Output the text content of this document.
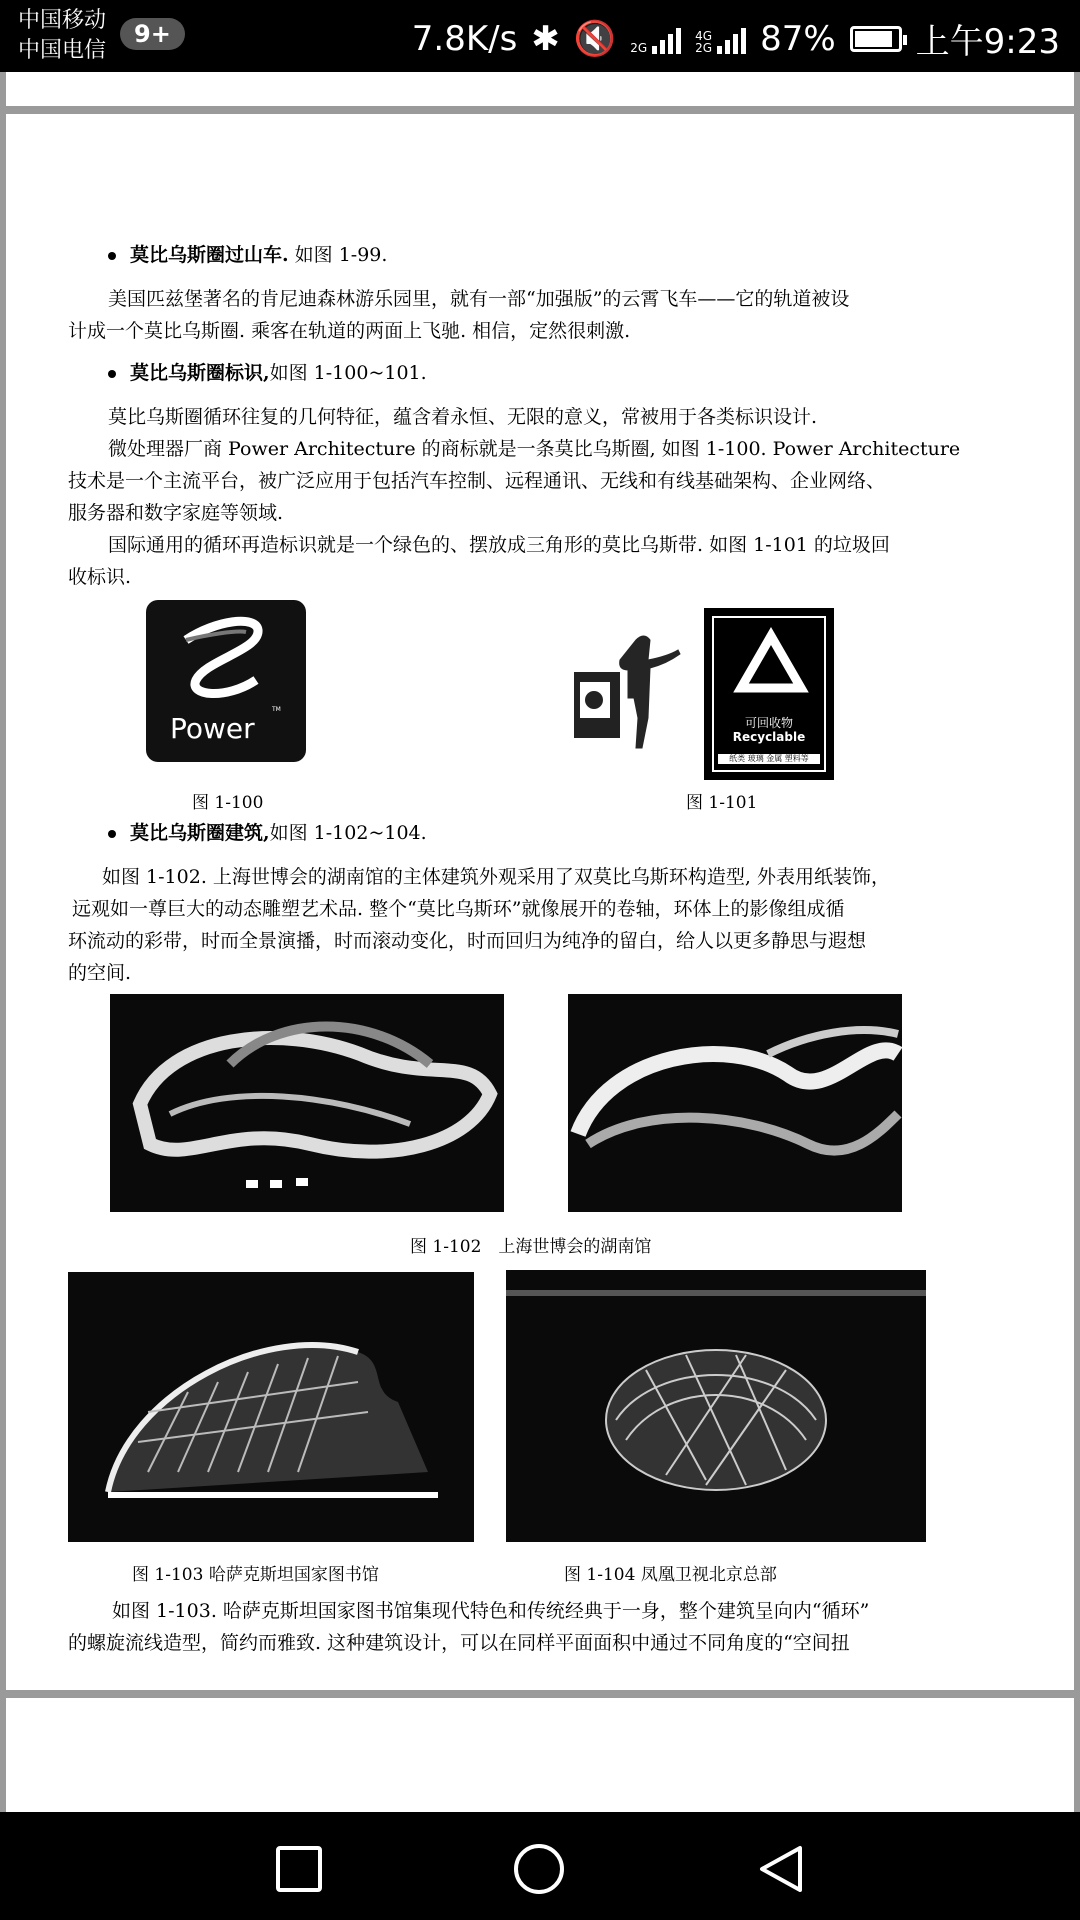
中国移动
中国电信
9+	7.8K/s ✱ 🔇 2G
4G
2G 87% 上午9:23
莫比乌斯圈过山车. 如图 1-99.
美国匹兹堡著名的肯尼迪森林游乐园里，就有一部“加强版”的云霄飞车——它的轨道被设
计成一个莫比乌斯圈. 乘客在轨道的两面上飞驰. 相信，定然很刺激.
莫比乌斯圈标识,如图 1-100~101.
莫比乌斯圈循环往复的几何特征，蕴含着永恒、无限的意义，常被用于各类标识设计.
微处理器厂商 Power Architecture 的商标就是一条莫比乌斯圈, 如图 1-100. Power Architecture
技术是一个主流平台，被广泛应用于包括汽车控制、远程通讯、无线和有线基础架构、企业网络、
服务器和数字家庭等领域.
国际通用的循环再造标识就是一个绿色的、摆放成三角形的莫比乌斯带. 如图 1-101 的垃圾回
收标识.
Power
TM
可回收物
Recyclable
纸类 玻璃 金属 塑料等
图 1-100	图 1-101
莫比乌斯圈建筑,如图 1-102~104.
如图 1-102. 上海世博会的湖南馆的主体建筑外观采用了双莫比乌斯环构造型, 外表用纸装饰，
远观如一尊巨大的动态雕塑艺术品. 整个“莫比乌斯环”就像展开的卷轴，环体上的影像组成循
环流动的彩带，时而全景演播，时而滚动变化，时而回归为纯净的留白，给人以更多静思与遐想
的空间.
图 1-102　上海世博会的湖南馆
图 1-103 哈萨克斯坦国家图书馆	图 1-104 凤凰卫视北京总部
如图 1-103. 哈萨克斯坦国家图书馆集现代特色和传统经典于一身，整个建筑呈向内“循环”
的螺旋流线造型，简约而雅致. 这种建筑设计，可以在同样平面面积中通过不同角度的“空间扭
